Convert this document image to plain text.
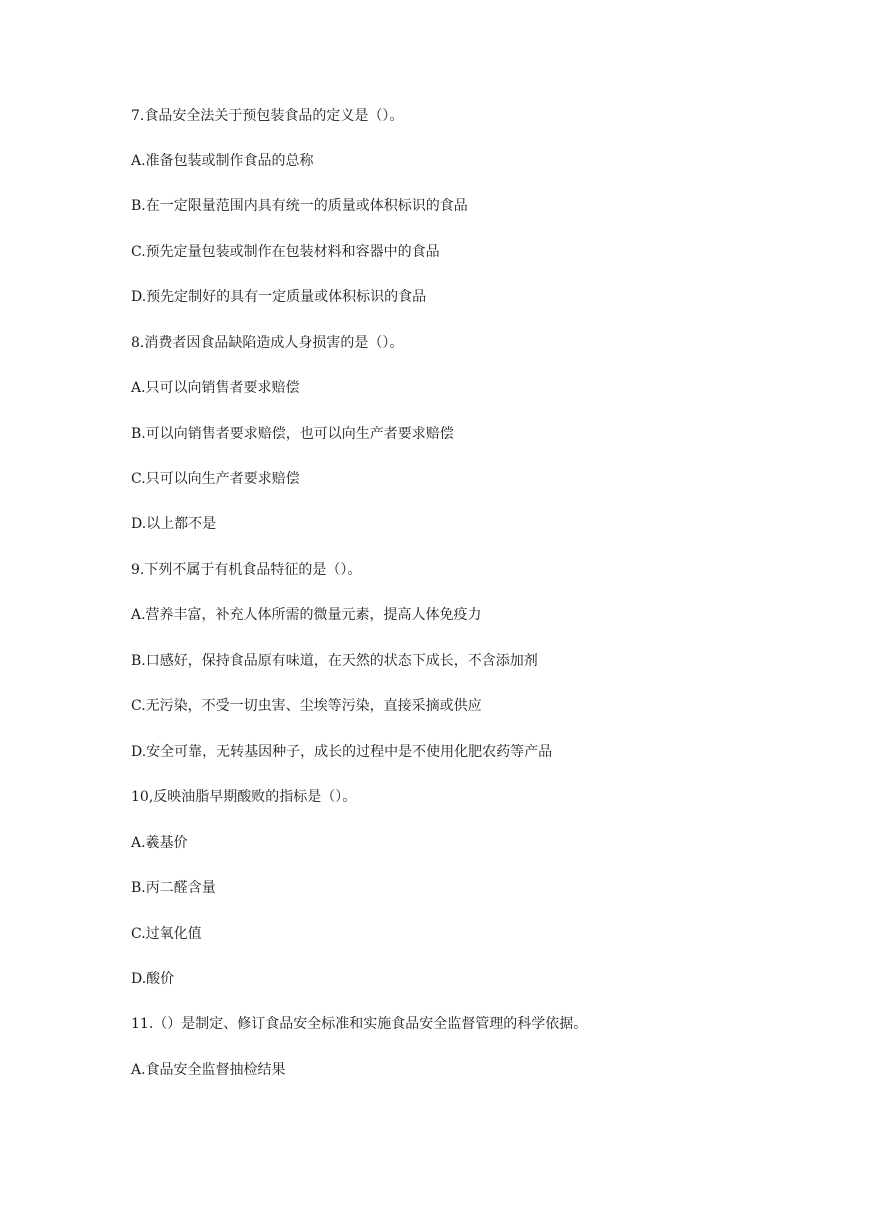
7.食品安全法关于预包装食品的定义是（）。
A.准备包装或制作食品的总称
B.在一定限量范围内具有统一的质量或体积标识的食品
C.预先定量包装或制作在包装材料和容器中的食品
D.预先定制好的具有一定质量或体积标识的食品
8.消费者因食品缺陷造成人身损害的是（）。
A.只可以向销售者要求赔偿
B.可以向销售者要求赔偿，也可以向生产者要求赔偿
C.只可以向生产者要求赔偿
D.以上都不是
9.下列不属于有机食品特征的是（）。
A.营养丰富，补充人体所需的微量元素，提高人体免疫力
B.口感好，保持食品原有味道，在天然的状态下成长，不含添加剂
C.无污染，不受一切虫害、尘埃等污染，直接采摘或供应
D.安全可靠，无转基因种子，成长的过程中是不使用化肥农药等产品
10,反映油脂早期酸败的指标是（）。
A.羲基价
B.丙二醛含量
C.过氧化值
D.酸价
11.（）是制定、修订食品安全标准和实施食品安全监督管理的科学依据。
A.食品安全监督抽检结果
